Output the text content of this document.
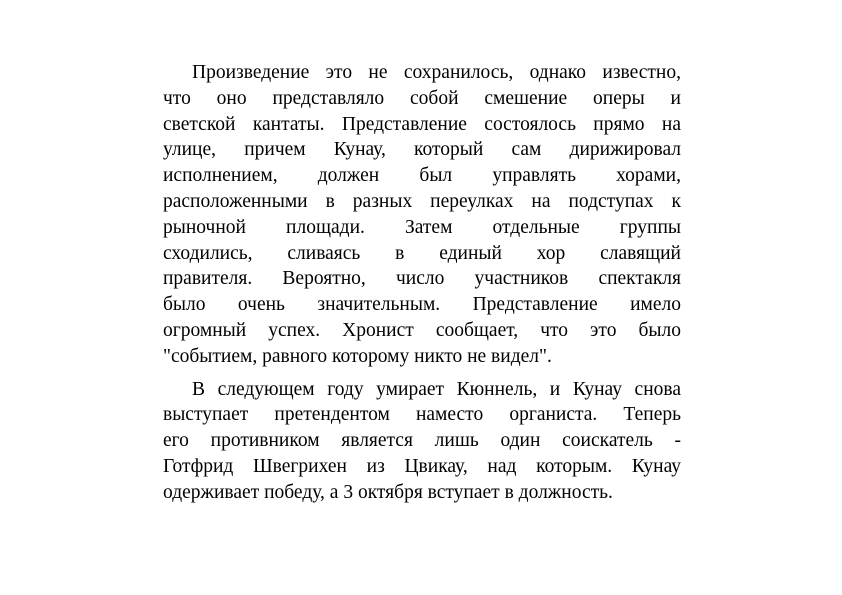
Произведение это не сохранилось, однако известно,
что оно представляло собой смешение оперы и
светской кантаты. Представление состоялось прямо на
улице, причем Кунау, который сам дирижировал
исполнением, должен был управлять хорами,
расположенными в разных переулках на подступах к
рыночной площади. Затем отдельные группы
сходились, сливаясь в единый хор славящий
правителя. Вероятно, число участников спектакля
было очень значительным. Представление имело
огромный успех. Хронист сообщает, что это было
"событием, равного которому никто не видел".
В следующем году умирает Кюннель, и Кунау снова
выступает претендентом наместо органиста. Теперь
его противником является лишь один соискатель -
Готфрид Швегрихен из Цвикау, над которым. Кунау
одерживает победу, а 3 октября вступает в должность.
